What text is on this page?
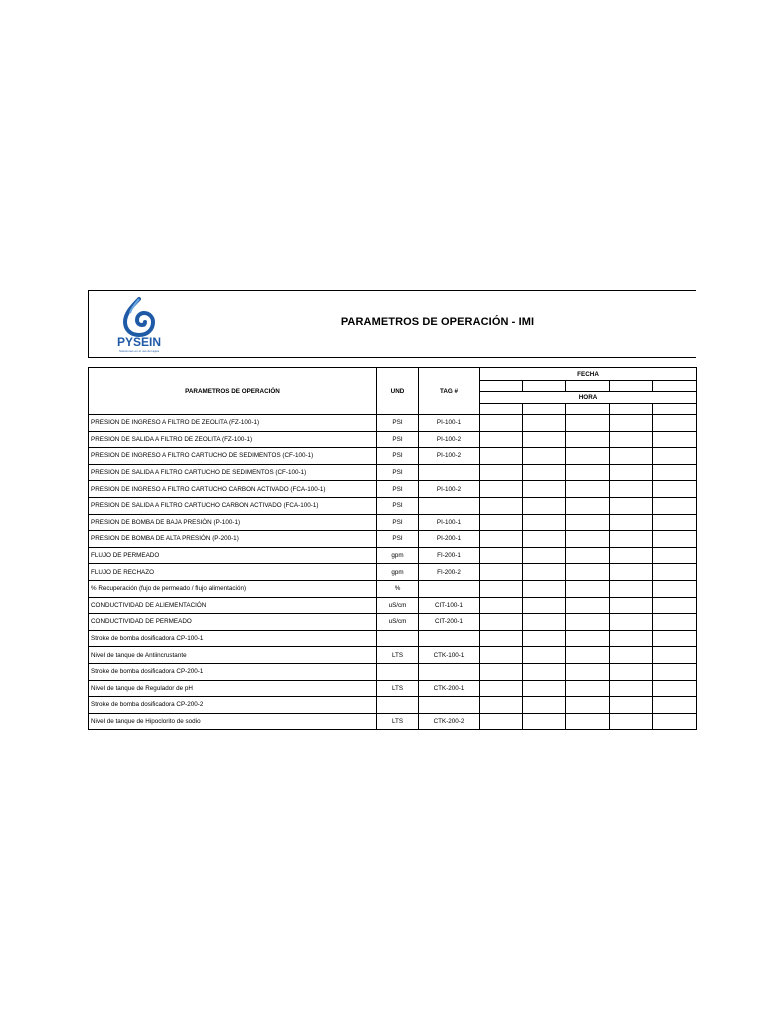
PYSEIN
Soluciones en el uso del agua
PARAMETROS DE OPERACIÓN - IMI
PARAMETROS DE OPERACIÓN	UND	TAG #	FECHA				

			HORA				

PRESION DE INGRESO A FILTRO DE ZEOLITA (FZ-100-1)	PSI	PI-100-1					
PRESION DE SALIDA A FILTRO DE ZEOLITA (FZ-100-1)	PSI	PI-100-2					
PRESION DE INGRESO A FILTRO CARTUCHO DE SEDIMENTOS (CF-100-1)	PSI	PI-100-2					
PRESION DE SALIDA A FILTRO CARTUCHO DE SEDIMENTOS (CF-100-1)	PSI						
PRESION DE INGRESO A FILTRO CARTUCHO CARBON ACTIVADO (FCA-100-1)	PSI	PI-100-2					
PRESION DE SALIDA A FILTRO CARTUCHO CARBON ACTIVADO (FCA-100-1)	PSI						
PRESION DE BOMBA DE BAJA PRESIÓN (P-100-1)	PSI	PI-100-1					
PRESION DE BOMBA DE ALTA PRESIÓN (P-200-1)	PSI	PI-200-1					
FLUJO DE PERMEADO	gpm	FI-200-1					
FLUJO DE RECHAZO	gpm	FI-200-2					
% Recuperación (fujo de permeado / flujo alimentación)	%						
CONDUCTIVIDAD DE ALIEMENTACIÓN	uS/cm	CIT-100-1					
CONDUCTIVIDAD DE PERMEADO	uS/cm	CIT-200-1					
Stroke de bomba dosificadora CP-100-1							
Nivel de tanque de Antiincrustante	LTS	CTK-100-1					
Stroke de bomba dosificadora CP-200-1							
Nivel de tanque de Regulador de pH	LTS	CTK-200-1					
Stroke de bomba dosificadora CP-200-2							
Nivel de tanque de Hipoclorito de sodio	LTS	CTK-200-2					
